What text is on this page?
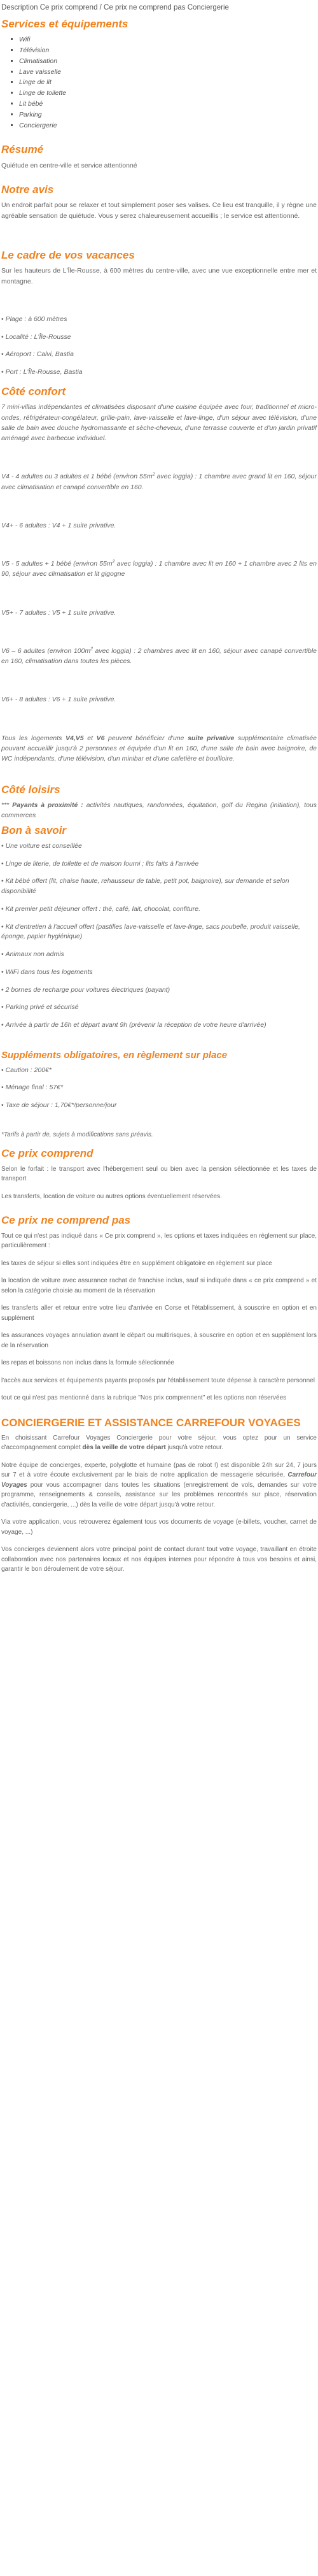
Description Ce prix comprend / Ce prix ne comprend pas Conciergerie
Services et équipements
▪ Wifi
▪ Télévision
▪ Climatisation
▪ Lave vaisselle
▪ Linge de lit
▪ Linge de toilette
▪ Lit bébé
▪ Parking
▪ Conciergerie
Résumé

Quiétude en centre-ville et service attentionné

Notre avis

Un endroit parfait pour se relaxer et tout simplement poser ses valises. Ce lieu est tranquille, il y règne une agréable sensation de quiétude. Vous y serez chaleureusement accueillis ; le service est attentionné.

Le cadre de vos vacances

Sur les hauteurs de L'Île-Rousse, à 600 mètres du centre-ville, avec une vue exceptionnelle entre mer et montagne.

• Plage : à 600 mètres
• Localité : L'Île-Rousse
• Aéroport : Calvi, Bastia
• Port : L'Île-Rousse, Bastia
Côté confort

7 mini-villas indépendantes et climatisées disposant d'une cuisine équipée avec four, traditionnel et micro-ondes, réfrigérateur-congélateur, grille-pain, lave-vaisselle et lave-linge, d'un séjour avec télévision, d'une salle de bain avec douche hydromassante et sèche-cheveux, d'une terrasse couverte et d'un jardin privatif aménagé avec barbecue individuel.

V4 - 4 adultes ou 3 adultes et 1 bébé (environ $55m^2$ avec loggia) : 1 chambre avec grand lit en 160, séjour avec climatisation et canapé convertible en 160.

V4+ - 6 adultes : V4 + 1 suite privative.

V5 - 5 adultes + 1 bébé (environ $55m^2$ avec loggia) : 1 chambre avec lit en 160 + 1 chambre avec 2 lits en 90, séjour avec climatisation et lit gigogne

V5+ - 7 adultes : V5 + 1 suite privative.

V6 – 6 adultes (environ $100m^2$ avec loggia) : 2 chambres avec lit en 160, séjour avec canapé convertible en 160, climatisation dans toutes les pièces.

V6+ - 8 adultes : V6 + 1 suite privative.

Tous les logements V4,V5 et V6 peuvent bénéficier d'une suite privative supplémentaire climatisée pouvant accueillir jusqu'à 2 personnes et équipée d'un lit en 160, d'une salle de bain avec baignoire, de WC indépendants, d'une télévision, d'un minibar et d'une cafetière et bouilloire.

Côté loisirs

*** Payants à proximité : activités nautiques, randonnées, équitation, golf du Regina (initiation), tous commerces

Bon à savoir
• Une voiture est conseillée
• Linge de literie, de toilette et de maison fourni ; lits faits à l'arrivée
• Kit bébé offert (lit, chaise haute, rehausseur de table, petit pot, baignoire), sur demande et selon disponibilité
• Kit premier petit déjeuner offert : thé, café, lait, chocolat, confiture.
• Kit d'entretien à l'accueil offert (pastilles lave-vaisselle et lave-linge, sacs poubelle, produit vaisselle, éponge, papier hygiénique)
• Animaux non admis
• WiFi dans tous les logements
• 2 bornes de recharge pour voitures électriques (payant)
• Parking privé et sécurisé
• Arrivée à partir de 16h et départ avant 9h (prévenir la réception de votre heure d'arrivée)
Suppléments obligatoires, en règlement sur place
• Caution : 200€*
• Ménage final : 57€*
• Taxe de séjour : 1,70€*/personne/jour

*Tarifs à partir de, sujets à modifications sans préavis.

Ce prix comprend

Selon le forfait : le transport avec l'hébergement seul ou bien avec la pension sélectionnée et les taxes de transport

Les transferts, location de voiture ou autres options éventuellement réservées.

Ce prix ne comprend pas

Tout ce qui n'est pas indiqué dans « Ce prix comprend », les options et taxes indiquées en règlement sur place, particulièrement :

les taxes de séjour si elles sont indiquées être en supplément obligatoire en règlement sur place

la location de voiture avec assurance rachat de franchise inclus, sauf si indiquée dans « ce prix comprend » et selon la catégorie choisie au moment de la réservation

les transferts aller et retour entre votre lieu d'arrivée en Corse et l'établissement, à souscrire en option et en supplément

les assurances voyages annulation avant le départ ou multirisques, à souscrire en option et en supplément lors de la réservation

les repas et boissons non inclus dans la formule sélectionnée

l'accès aux services et équipements payants proposés par l'établissement toute dépense à caractère personnel

tout ce qui n'est pas mentionné dans la rubrique "Nos prix comprennent" et les options non réservées

CONCIERGERIE ET ASSISTANCE CARREFOUR VOYAGES

En choisissant Carrefour Voyages Conciergerie pour votre séjour, vous optez pour un service d'accompagnement complet dès la veille de votre départ jusqu'à votre retour.

Notre équipe de concierges, experte, polyglotte et humaine (pas de robot !) est disponible 24h sur 24, 7 jours sur 7 et à votre écoute exclusivement par le biais de notre application de messagerie sécurisée, Carrefour Voyages pour vous accompagner dans toutes les situations (enregistrement de vols, demandes sur votre programme, renseignements & conseils, assistance sur les problèmes rencontrés sur place, réservation d'activités, conciergerie, ...) dès la veille de votre départ jusqu'à votre retour.

Via votre application, vous retrouverez également tous vos documents de voyage (e-billets, voucher, carnet de voyage, ...)

Vos concierges deviennent alors votre principal point de contact durant tout votre voyage, travaillant en étroite collaboration avec nos partenaires locaux et nos équipes internes pour répondre à tous vos besoins et ainsi, garantir le bon déroulement de votre séjour.
